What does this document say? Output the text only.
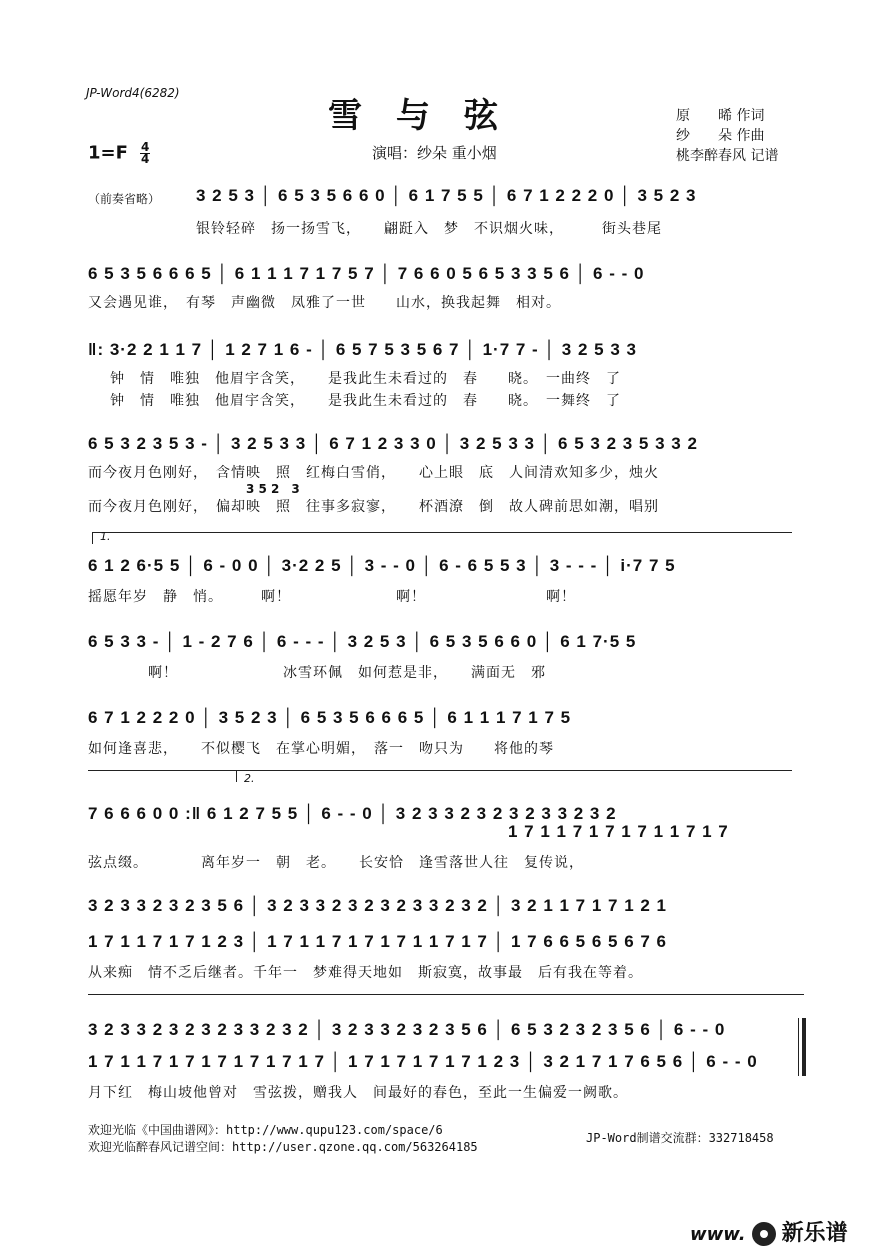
JP-Word4(6282)
雪与弦
$1=F \frac{4}{4}$	演唱：纱朵 重小烟
原　　晞 作词
纱　　朵 作曲
桃李醉春风 记谱
（前奏省略） 3 2 5 3 │ 6 5 3 5 6 6 0 │ 6 1 7 5 5 │ 6 7 1 2 2 2 0 │ 3 5 2 3
银铃轻碎　扬一扬雪飞，　　翩跹入　梦　不识烟火味，　　　街头巷尾
6 5 3 5 6 6 6 5 │ 6 1 1 1 7 1 7 5 7 │ 7 6 6 0 5 6 5 3 3 5 6 │ 6 - - 0
又会遇见谁，　有琴　声幽微　凤雅了一世　　山水，换我起舞　相对。
‖: 3·2 2 1 1 7 │ 1 2 7 1 6 - │ 6 5 7 5 3 5 6 7 │ 1·7 7 - │ 3 2 5 3 3
钟　情　唯独　他眉宇含笑，　　是我此生未看过的　春　　晓。　一曲终　了
钟　情　唯独　他眉宇含笑，　　是我此生未看过的　春　　晓。　一舞终　了
6 5 3 2 3 5 3 - │ 3 2 5 3 3 │ 6 7 1 2 3 3 0 │ 3 2 5 3 3 │ 6 5 3 2 3 5 3 3 2
而今夜月色刚好，　含情映　照　红梅白雪俏，　　心上眼　底　人间清欢知多少，烛火
3 5 2　3
而今夜月色刚好，　偏却映　照　往事多寂寥，　　杯酒潦　倒　故人碑前思如潮，唱别
1.
6 1 2 6·5 5 │ 6 - 0 0 │ 3·2 2 5 │ 3 - - 0 │ 6 - 6 5 5 3 │ 3 - - - │ i·7 7 5
摇愿年岁　静　悄。　　　啊！　　　　　　　啊！　　　　　　　　啊！
6 5 3 3 - │ 1 - 2 7 6 │ 6 - - - │ 3 2 5 3 │ 6 5 3 5 6 6 0 │ 6 1 7·5 5
　　　　啊！　　　　　　　冰雪环佩　如何惹是非，　　满面无　邪
6 7 1 2 2 2 0 │ 3 5 2 3 │ 6 5 3 5 6 6 6 5 │ 6 1 1 1 7 1 7 5
如何逢喜悲，　　不似樱飞　在掌心明媚，　落一　吻只为　　将他的琴
2.
7 6 6 6 0 0 :‖ 6 1 2 7 5 5 │ 6 - - 0 │ 3 2 3 3 2 3 2 3 2 3 3 2 3 2
1 7 1 1 7 1 7 1 7 1 1 7 1 7
弦点缀。　　　　离年岁一　朝　老。　　长安恰　逢雪落世人往　复传说，
3 2 3 3 2 3 2 3 5 6 │ 3 2 3 3 2 3 2 3 2 3 3 2 3 2 │ 3 2 1 1 7 1 7 1 2 1
1 7 1 1 7 1 7 1 2 3 │ 1 7 1 1 7 1 7 1 7 1 1 7 1 7 │ 1 7 6 6 5 6 5 6 7 6
从来痴　情不乏后继者。千年一　梦难得天地如　斯寂寞，故事最　后有我在等着。
3 2 3 3 2 3 2 3 2 3 3 2 3 2 │ 3 2 3 3 2 3 2 3 5 6 │ 6 5 3 2 3 2 3 5 6 │ 6 - - 0
1 7 1 1 7 1 7 1 7 1 7 1 7 1 7 │ 1 7 1 7 1 7 1 7 1 2 3 │ 3 2 1 7 1 7 6 5 6 │ 6 - - 0
月下红　梅山坡他曾对　雪弦拨，赠我人　间最好的春色，至此一生偏爱一阙歌。
欢迎光临《中国曲谱网》：http://www.qupu123.com/space/6
欢迎光临醉春风记谱空间：http://user.qzone.qq.com/563264185
JP-Word制谱交流群：332718458
www. 新乐谱
